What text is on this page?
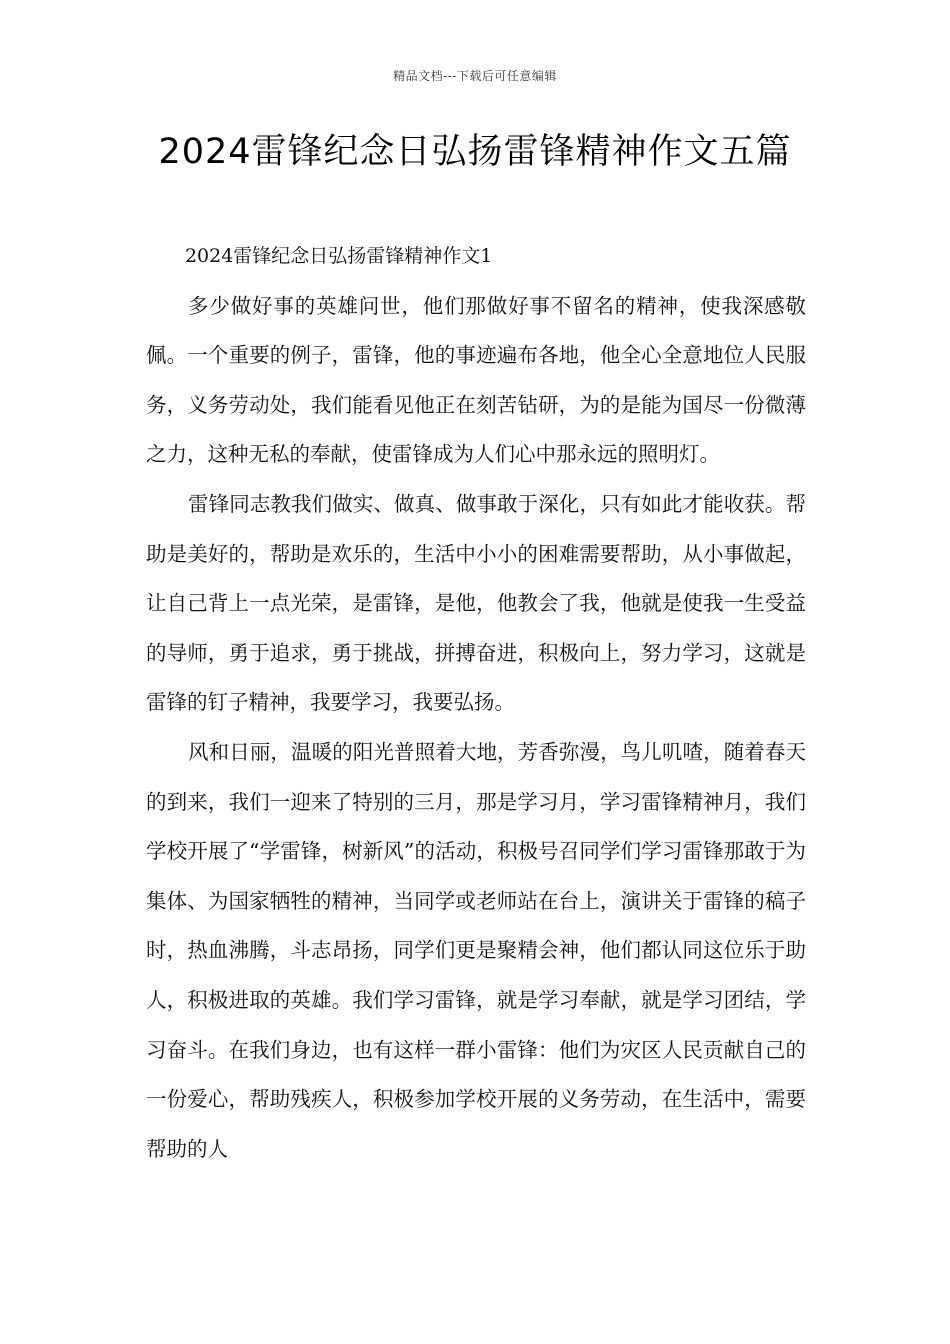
精品文档---下载后可任意编辑
2024雷锋纪念日弘扬雷锋精神作文五篇

2024雷锋纪念日弘扬雷锋精神作文1

多少做好事的英雄问世，他们那做好事不留名的精神，使我深感敬佩。一个重要的例子，雷锋，他的事迹遍布各地，他全心全意地位人民服务，义务劳动处，我们能看见他正在刻苦钻研，为的是能为国尽一份微薄之力，这种无私的奉献，使雷锋成为人们心中那永远的照明灯。

雷锋同志教我们做实、做真、做事敢于深化，只有如此才能收获。帮助是美好的，帮助是欢乐的，生活中小小的困难需要帮助，从小事做起，让自己背上一点光荣，是雷锋，是他，他教会了我，他就是使我一生受益的导师，勇于追求，勇于挑战，拼搏奋进，积极向上，努力学习，这就是雷锋的钉子精神，我要学习，我要弘扬。

风和日丽，温暖的阳光普照着大地，芳香弥漫，鸟儿叽喳，随着春天的到来，我们一迎来了特别的三月，那是学习月，学习雷锋精神月，我们学校开展了“学雷锋，树新风”的活动，积极号召同学们学习雷锋那敢于为集体、为国家牺牲的精神，当同学或老师站在台上，演讲关于雷锋的稿子时，热血沸腾，斗志昂扬，同学们更是聚精会神，他们都认同这位乐于助人，积极进取的英雄。我们学习雷锋，就是学习奉献，就是学习团结，学习奋斗。在我们身边，也有这样一群小雷锋：他们为灾区人民贡献自己的一份爱心，帮助残疾人，积极参加学校开展的义务劳动，在生活中，需要帮助的人
